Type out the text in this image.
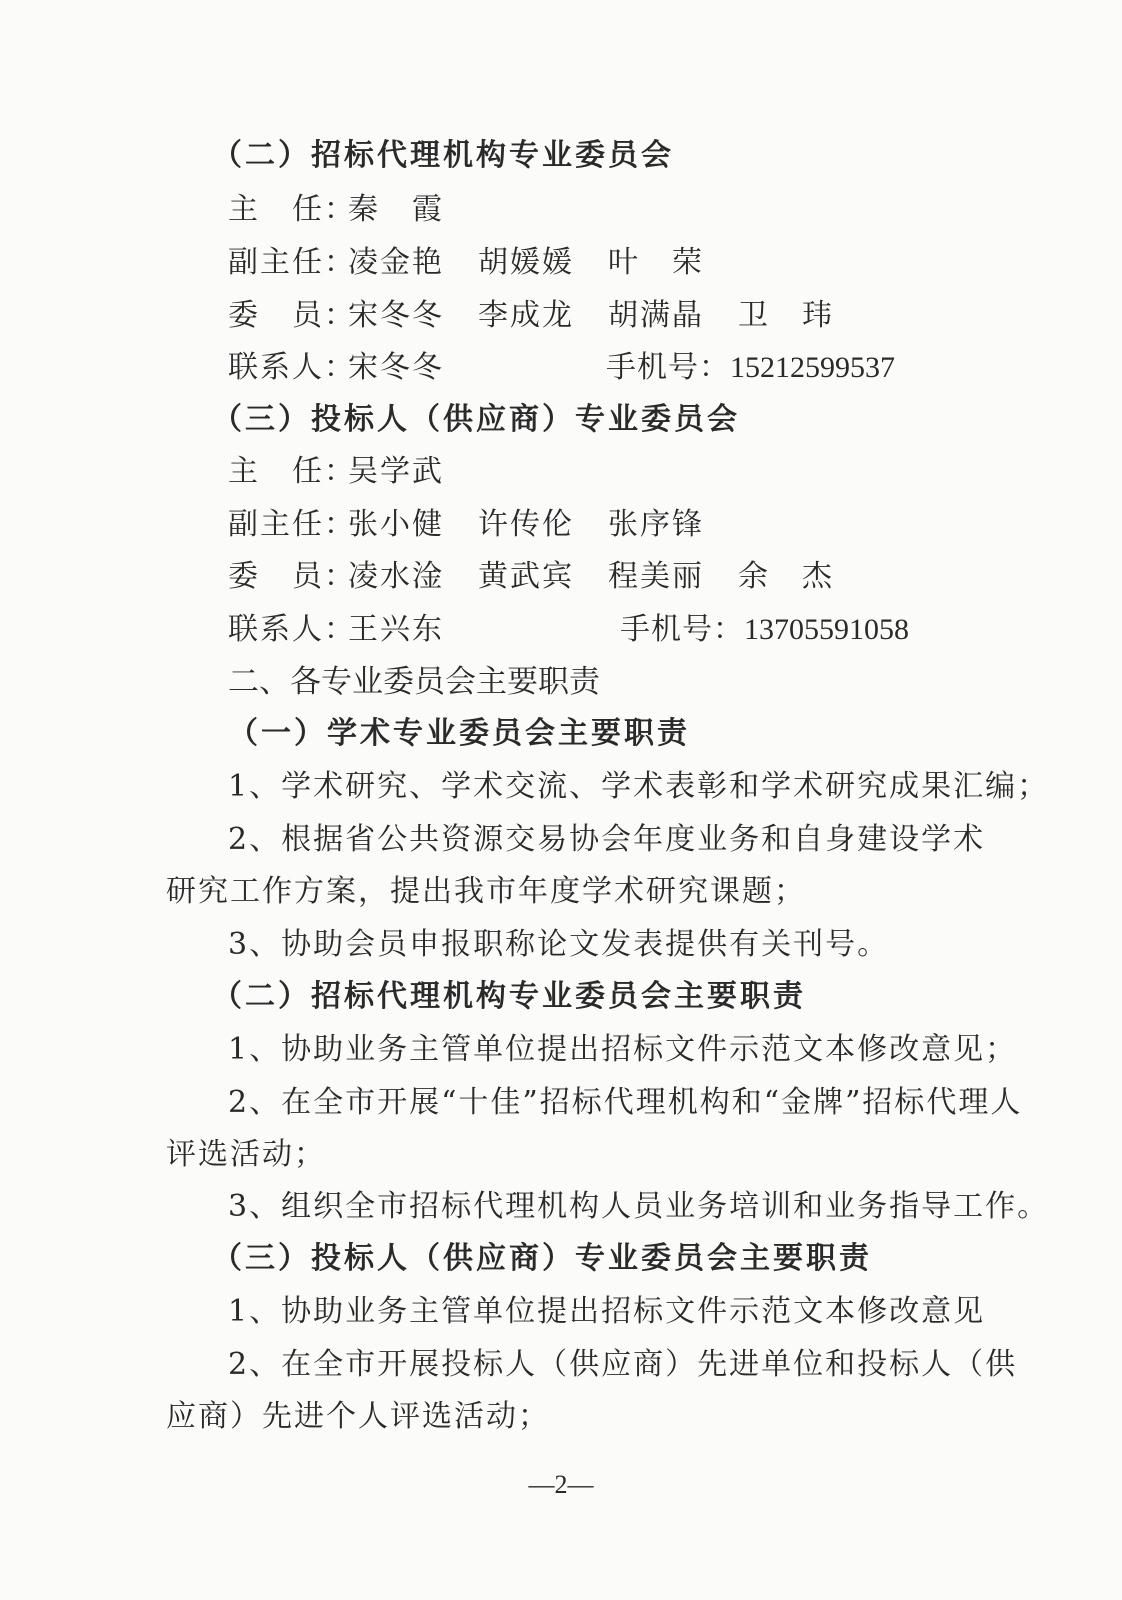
（二）招标代理机构专业委员会
主　任：秦　霞
副主任：凌金艳 胡媛媛 叶　荣
委　员：宋冬冬 李成龙 胡满晶 卫　玮
联系人：宋冬冬	手机号：15212599537
（三）投标人（供应商）专业委员会
主　任：吴学武
副主任：张小健 许传伦 张序锋
委　员：凌水淦 黄武宾 程美丽 余　杰
联系人：王兴东	手机号：13705591058
二、各专业委员会主要职责
（一）学术专业委员会主要职责
1、学术研究、学术交流、学术表彰和学术研究成果汇编；
2、根据省公共资源交易协会年度业务和自身建设学术
研究工作方案，提出我市年度学术研究课题；
3、协助会员申报职称论文发表提供有关刊号。
（二）招标代理机构专业委员会主要职责
1、协助业务主管单位提出招标文件示范文本修改意见；
2、在全市开展“十佳”招标代理机构和“金牌”招标代理人
评选活动；
3、组织全市招标代理机构人员业务培训和业务指导工作。
（三）投标人（供应商）专业委员会主要职责
1、协助业务主管单位提出招标文件示范文本修改意见
2、在全市开展投标人（供应商）先进单位和投标人（供
应商）先进个人评选活动；
—2—
